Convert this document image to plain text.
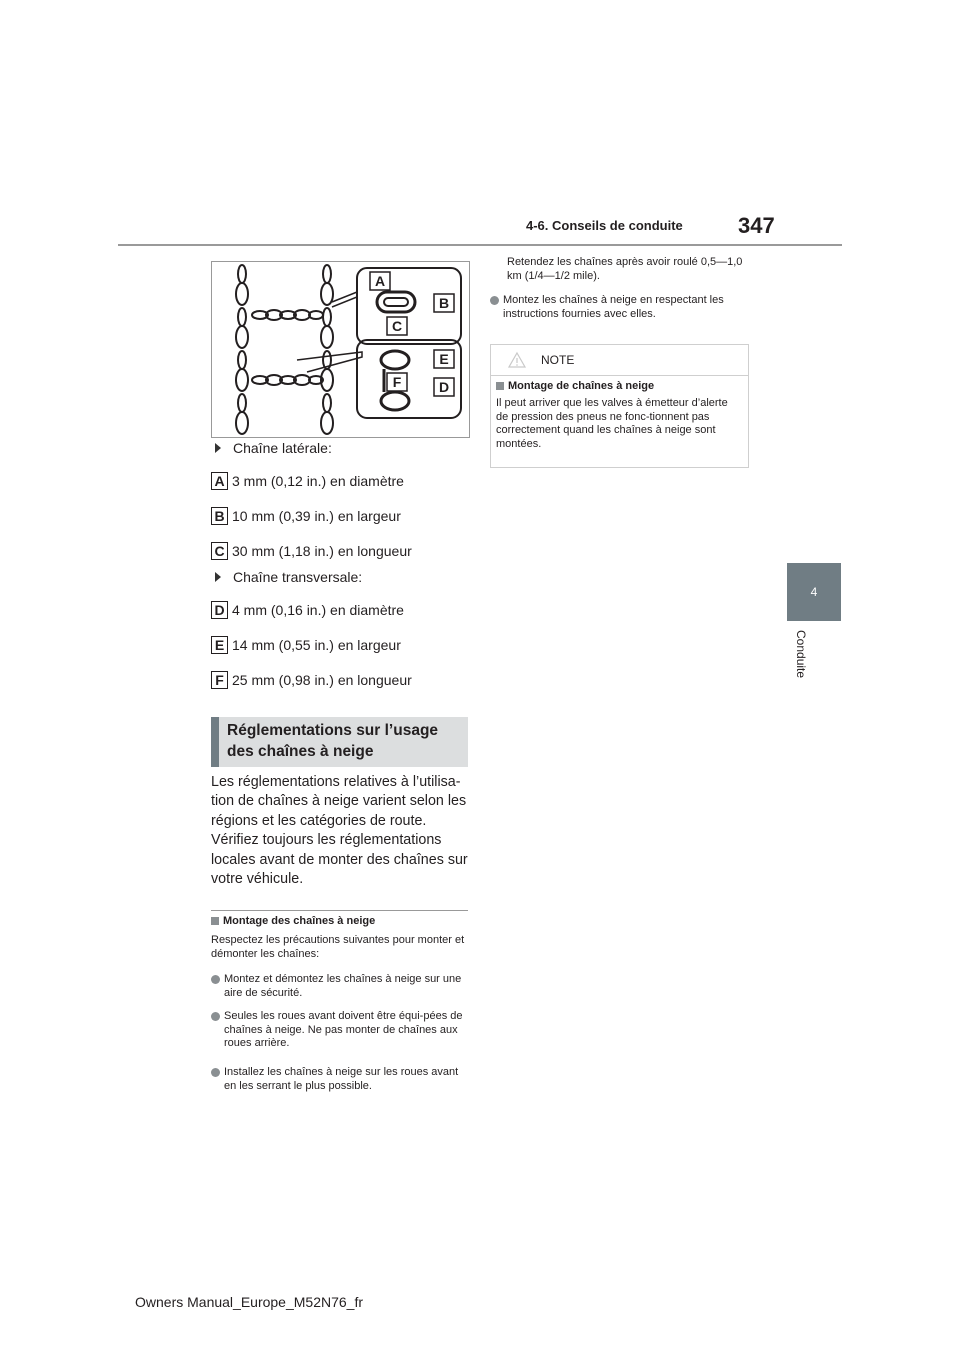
4-6. Conseils de conduite	347
4
Conduite
A
B
C
E
F	D
Chaîne latérale:
A 3 mm (0,12 in.) en diamètre
B 10 mm (0,39 in.) en largeur
C 30 mm (1,18 in.) en longueur
Chaîne transversale:
D 4 mm (0,16 in.) en diamètre
E 14 mm (0,55 in.) en largeur
F 25 mm (0,98 in.) en longueur
Réglementations sur l’usage
des chaînes à neige
Les réglementations relatives à l’utilisa-tion de chaînes à neige varient selon les régions et les catégories de route. Vérifiez toujours les réglementations locales avant de monter des chaînes sur votre véhicule.
Montage des chaînes à neige
Respectez les précautions suivantes pour monter et démonter les chaînes:
Montez et démontez les chaînes à neige sur une aire de sécurité.
Seules les roues avant doivent être équi-pées de chaînes à neige. Ne pas monter de chaînes aux roues arrière.
Installez les chaînes à neige sur les roues avant en les serrant le plus possible.
Retendez les chaînes après avoir roulé 0,5—1,0 km (1/4—1/2 mile).
Montez les chaînes à neige en respectant les instructions fournies avec elles.
NOTE
Montage de chaînes à neige
Il peut arriver que les valves à émetteur d’alerte de pression des pneus ne fonc-tionnent pas correctement quand les chaînes à neige sont montées.
Owners Manual_Europe_M52N76_fr
